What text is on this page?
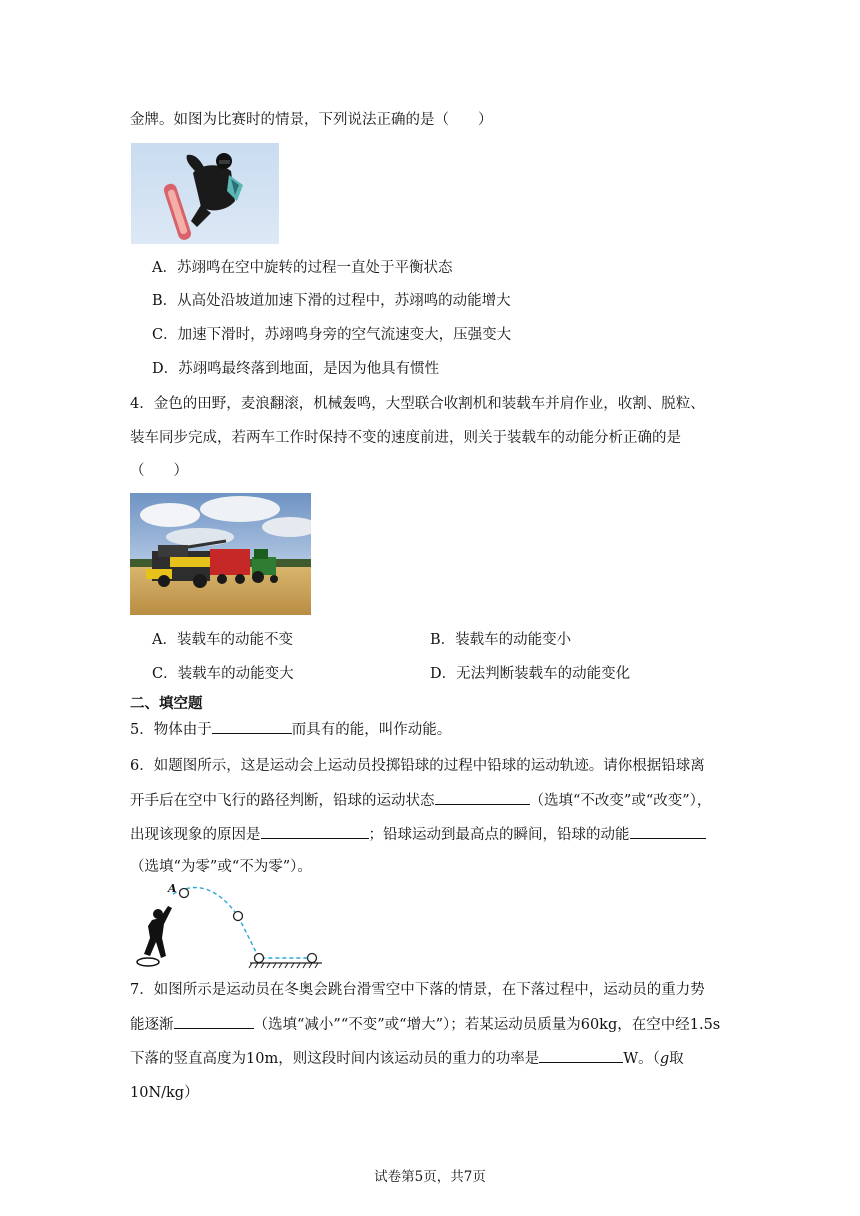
金牌。如图为比赛时的情景，下列说法正确的是（　　）
A．苏翊鸣在空中旋转的过程一直处于平衡状态
B．从高处沿坡道加速下滑的过程中，苏翊鸣的动能增大
C．加速下滑时，苏翊鸣身旁的空气流速变大，压强变大
D．苏翊鸣最终落到地面，是因为他具有惯性
4．金色的田野，麦浪翻滚，机械轰鸣，大型联合收割机和装载车并肩作业，收割、脱粒、
装车同步完成，若两车工作时保持不变的速度前进，则关于装载车的动能分析正确的是
（　　）
A．装载车的动能不变	B．装载车的动能变小
C．装载车的动能变大	D．无法判断装载车的动能变化
二、填空题
5．物体由于	而具有的能，叫作动能。
6．如题图所示，这是运动会上运动员投掷铅球的过程中铅球的运动轨迹。请你根据铅球离
开手后在空中飞行的路径判断，铅球的运动状态	（选填“不改变”或“改变”），
出现该现象的原因是	；铅球运动到最高点的瞬间，铅球的动能
（选填“为零”或“不为零”）。
A
7．如图所示是运动员在冬奥会跳台滑雪空中下落的情景，在下落过程中，运动员的重力势
能逐渐	（选填“减小”“不变”或“增大”）；若某运动员质量为60kg，在空中经1.5s
下落的竖直高度为10m，则这段时间内该运动员的重力的功率是	W。（g取
10N/kg）
试卷第5页，共7页
